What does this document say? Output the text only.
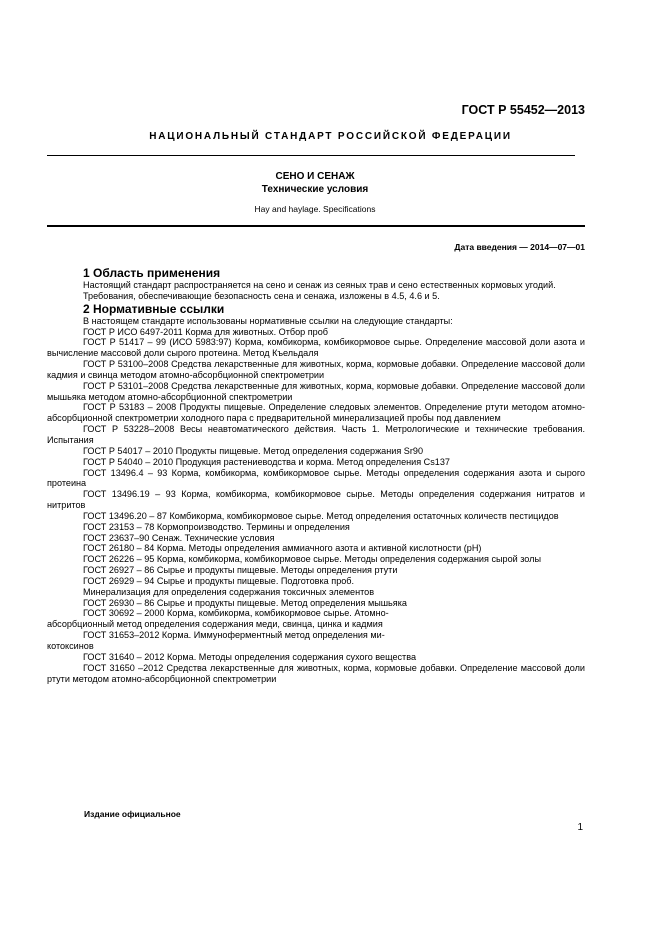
ГОСТ Р 55452—2013
НАЦИОНАЛЬНЫЙ СТАНДАРТ РОССИЙСКОЙ ФЕДЕРАЦИИ
СЕНО И СЕНАЖ
Технические условия
Hay and haylage. Specifications
Дата введения — 2014—07—01
1 Область применения

Настоящий стандарт распространяется на сено и сенаж из сеяных трав и сено естественных кормовых угодий.

Требования, обеспечивающие безопасность сена и сенажа, изложены в 4.5, 4.6 и 5.

2 Нормативные ссылки

В настоящем стандарте использованы нормативные ссылки на следующие стандарты:

ГОСТ Р ИСО 6497-2011 Корма для животных. Отбор проб

ГОСТ Р 51417 – 99 (ИСО 5983:97) Корма, комбикорма, комбикормовое сырье. Определение массовой доли азота и вычисление массовой доли сырого протеина. Метод Къельдаля

ГОСТ Р 53100–2008 Средства лекарственные для животных, корма, кормовые добавки. Определение массовой доли кадмия и свинца методом атомно-абсорбционной спектрометрии

ГОСТ Р 53101–2008 Средства лекарственные для животных, корма, кормовые добавки. Определение массовой доли мышьяка методом атомно-абсорбционной спектрометрии

ГОСТ Р 53183 – 2008 Продукты пищевые. Определение следовых элементов. Определение ртути методом атомно-абсорбционной спектрометрии холодного пара с предварительной минерализацией пробы под давлением

ГОСТ Р 53228–2008 Весы неавтоматического действия. Часть 1. Метрологические и технические требования. Испытания

ГОСТ Р 54017 – 2010 Продукты пищевые. Метод определения содержания Sr90

ГОСТ Р 54040 – 2010 Продукция растениеводства и корма. Метод определения Cs137

ГОСТ 13496.4 – 93 Корма, комбикорма, комбикормовое сырье. Методы определения содержания азота и сырого протеина

ГОСТ 13496.19 – 93 Корма, комбикорма, комбикормовое сырье. Методы определения содержания нитратов и нитритов

ГОСТ 13496.20 – 87 Комбикорма, комбикормовое сырье. Метод определения остаточных количеств пестицидов

ГОСТ 23153 – 78 Кормопроизводство. Термины и определения

ГОСТ 23637–90 Сенаж. Технические условия

ГОСТ 26180 – 84 Корма. Методы определения аммиачного азота и активной кислотности (pH)

ГОСТ 26226 – 95 Корма, комбикорма, комбикормовое сырье. Методы определения содержания сырой золы

ГОСТ 26927 – 86 Сырье и продукты пищевые. Методы определения ртути

ГОСТ 26929 – 94 Сырье и продукты пищевые. Подготовка проб.

Минерализация для определения содержания токсичных элементов

ГОСТ 26930 – 86 Сырье и продукты пищевые. Метод определения мышьяка

ГОСТ 30692 – 2000 Корма, комбикорма, комбикормовое сырье. Атомно-

абсорбционный метод определения содержания меди, свинца, цинка и кадмия

ГОСТ 31653–2012 Корма. Иммуноферментный метод определения ми-

котоксинов

ГОСТ 31640 – 2012 Корма. Методы определения содержания сухого вещества

ГОСТ 31650 –2012 Средства лекарственные для животных, корма, кормовые добавки. Определение массовой доли ртути методом атомно-абсорбционной спектрометрии

Издание официальное
1
